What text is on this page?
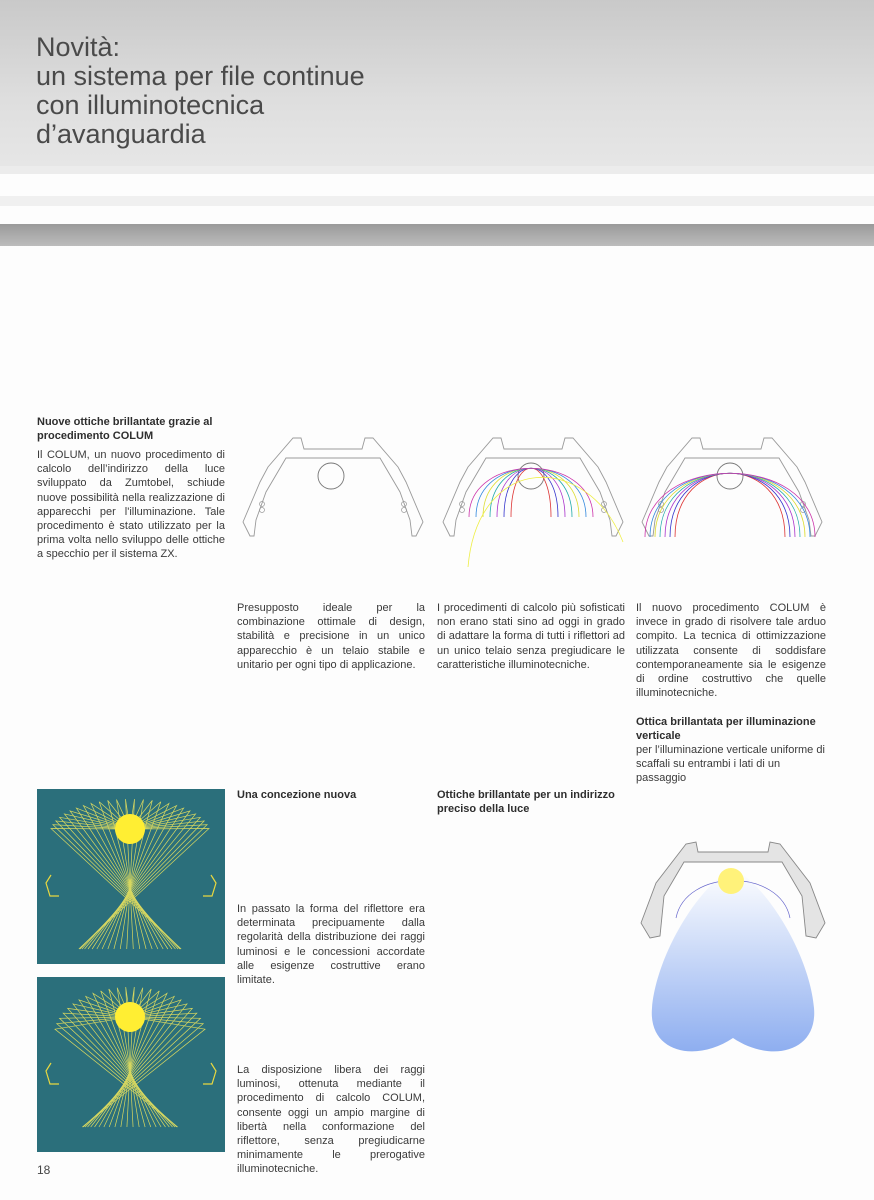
Novità:
un sistema per file continue
con illuminotecnica
d’avanguardia

Nuove ottiche brillantate grazie al procedimento COLUM

Il COLUM, un nuovo procedimento di calcolo dell’indirizzo della luce sviluppato da Zumtobel, schiude nuove possibilità nella realizzazione di apparecchi per l'illuminazione. Tale procedimento è stato utilizzato per la prima volta nello sviluppo delle ottiche a specchio per il sistema ZX.

Presupposto ideale per la combinazione ottimale di design, stabilità e precisione in un unico apparecchio è un telaio stabile e unitario per ogni tipo di applicazione.

I procedimenti di calcolo più sofisticati non erano stati sino ad oggi in grado di adattare la forma di tutti i riflettori ad un unico telaio senza pregiudicare le caratteristiche illuminotecniche.

Il nuovo procedimento COLUM è invece in grado di risolvere tale arduo compito. La tecnica di ottimizzazione utilizzata consente di soddisfare contemporaneamente sia le esigenze di ordine costruttivo che quelle illuminotecniche.

Ottica brillantata per illuminazione verticale

per l’illuminazione verticale uniforme di scaffali su entrambi i lati di un passaggio

Una concezione nuova

In passato la forma del riflettore era determinata precipuamente dalla regolarità della distribuzione dei raggi luminosi e le concessioni accordate alle esigenze costruttive erano limitate.

La disposizione libera dei raggi luminosi, ottenuta mediante il procedimento di calcolo COLUM, consente oggi un ampio margine di libertà nella conformazione del riflettore, senza pregiudicarne minimamente le prerogative illuminotecniche.

Ottiche brillantate per un indirizzo preciso della luce

18
